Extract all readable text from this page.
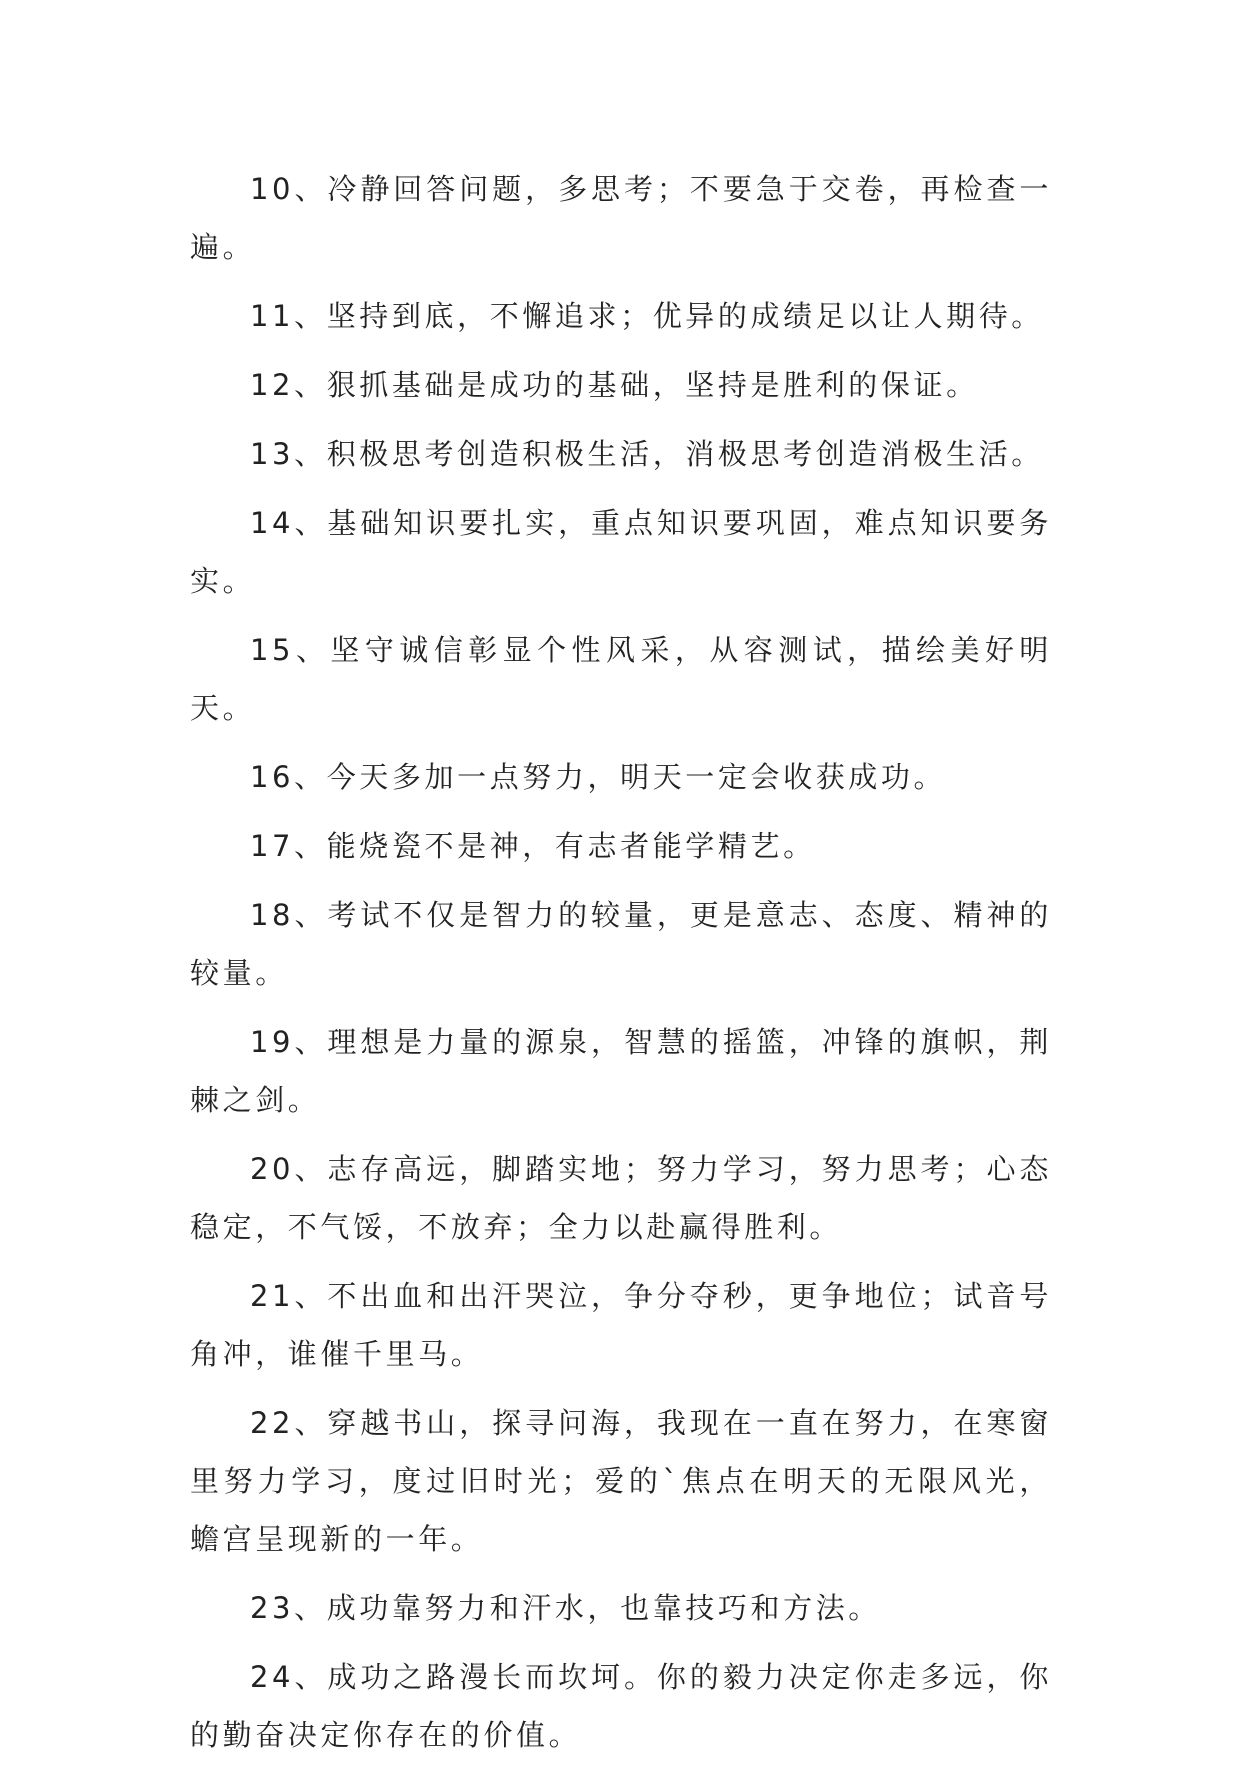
10、冷静回答问题，多思考；不要急于交卷，再检查一遍。

11、坚持到底，不懈追求；优异的成绩足以让人期待。

12、狠抓基础是成功的基础，坚持是胜利的保证。

13、积极思考创造积极生活，消极思考创造消极生活。

14、基础知识要扎实，重点知识要巩固，难点知识要务实。

15、坚守诚信彰显个性风采，从容测试，描绘美好明天。

16、今天多加一点努力，明天一定会收获成功。

17、能烧瓷不是神，有志者能学精艺。

18、考试不仅是智力的较量，更是意志、态度、精神的较量。

19、理想是力量的源泉，智慧的摇篮，冲锋的旗帜，荆棘之剑。

20、志存高远，脚踏实地；努力学习，努力思考；心态稳定，不气馁，不放弃；全力以赴赢得胜利。

21、不出血和出汗哭泣，争分夺秒，更争地位；试音号角冲，谁催千里马。

22、穿越书山，探寻问海，我现在一直在努力，在寒窗里努力学习，度过旧时光；爱的`焦点在明天的无限风光，蟾宫呈现新的一年。

23、成功靠努力和汗水，也靠技巧和方法。

24、成功之路漫长而坎坷。你的毅力决定你走多远，你的勤奋决定你存在的价值。
